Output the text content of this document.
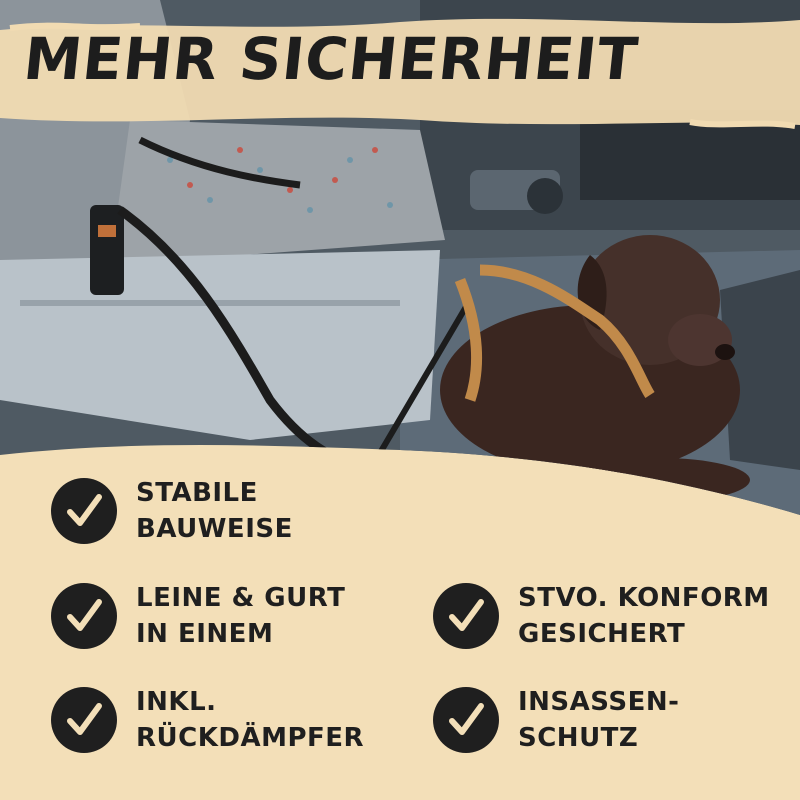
MEHR SICHERHEIT
STABILE
BAUWEISE
LEINE & GURT
IN EINEM
STVO. KONFORM
GESICHERT
INKL.
RÜCKDÄMPFER
INSASSEN-
SCHUTZ
